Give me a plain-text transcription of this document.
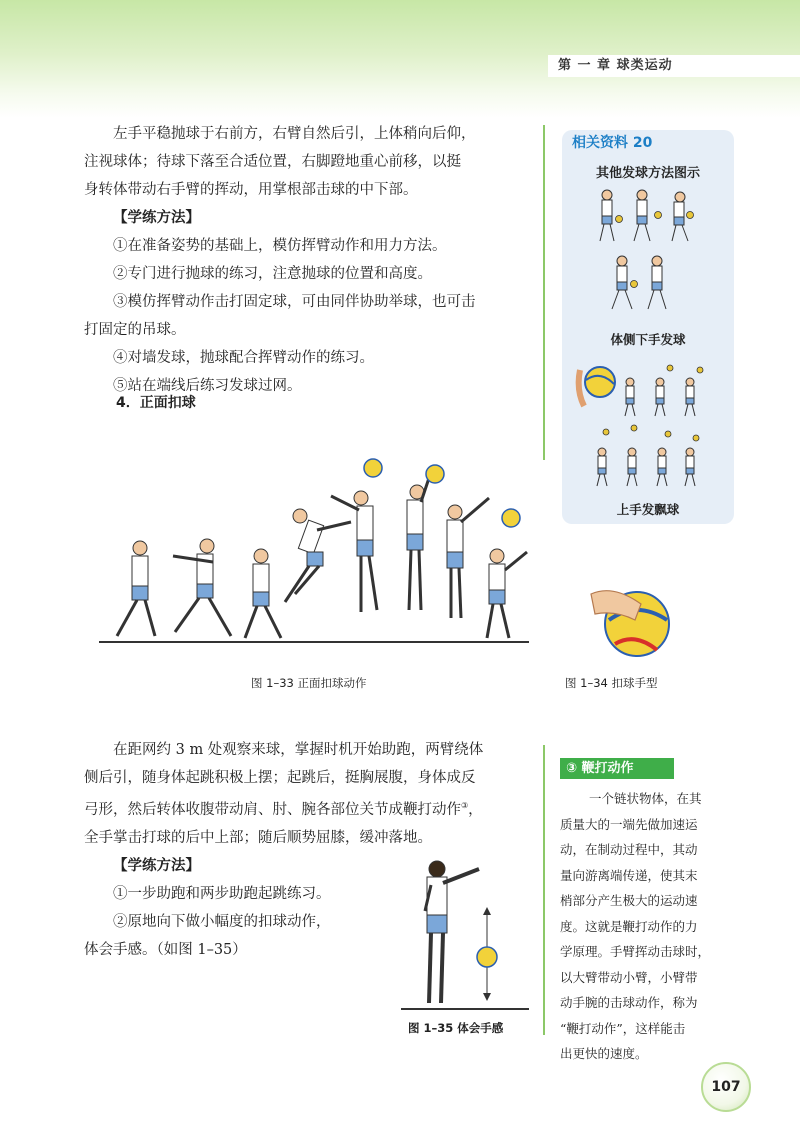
第 一 章 球类运动

左手平稳抛球于右前方，右臂自然后引，上体稍向后仰，

注视球体；待球下落至合适位置，右脚蹬地重心前移，以挺

身转体带动右手臂的挥动，用掌根部击球的中下部。

【学练方法】

①在准备姿势的基础上，模仿挥臂动作和用力方法。

②专门进行抛球的练习，注意抛球的位置和高度。

③模仿挥臂动作击打固定球，可由同伴协助举球，也可击

打固定的吊球。

④对墙发球，抛球配合挥臂动作的练习。

⑤站在端线后练习发球过网。

4．正面扣球
相关资料 20
其他发球方法图示
体侧下手发球
上手发飘球
图 1–33 正面扣球动作	图 1–34 扣球手型

在距网约 3 m 处观察来球，掌握时机开始助跑，两臂绕体

侧后引，随身体起跳积极上摆；起跳后，挺胸展腹，身体成反

弓形，然后转体收腹带动肩、肘、腕各部位关节成鞭打动作③，

全手掌击打球的后中上部；随后顺势屈膝，缓冲落地。

【学练方法】

①一步助跑和两步助跑起跳练习。

②原地向下做小幅度的扣球动作，

体会手感。（如图 1–35）

图 1–35 体会手感
③ 鞭打动作

一个链状物体，在其

质量大的一端先做加速运

动，在制动过程中，其动

量向游离端传递，使其末

梢部分产生极大的运动速

度。这就是鞭打动作的力

学原理。手臂挥动击球时，

以大臂带动小臂，小臂带

动手腕的击球动作，称为

“鞭打动作”，这样能击

出更快的速度。

107
